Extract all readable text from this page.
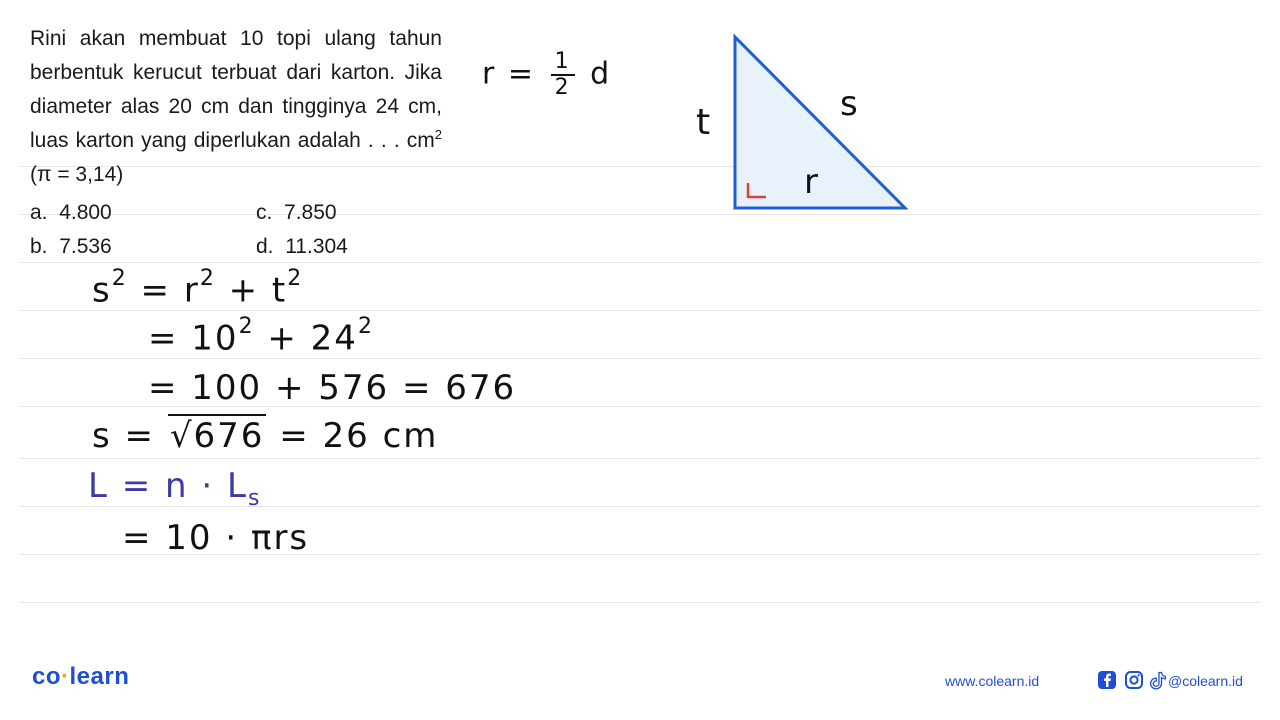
Rini akan membuat 10 topi ulang tahun berbentuk kerucut terbuat dari karton. Jika diameter alas 20 cm dan tingginya 24 cm, luas karton yang diperlukan adalah . . . $cm^2$ (π = 3,14)
a. 4.800	c. 7.850
b. 7.536	d. 11.304
$r = \frac{1}{2}$ d
t	s
r
$s^2 = r^2 + t^2$
= $10^2 + 24^2$
= 100 + 576 = 676
s = √676 = 26 cm
$L = n \cdot L_s$
= 10 · πrs
co·learn	www.colearn.id	@colearn.id
